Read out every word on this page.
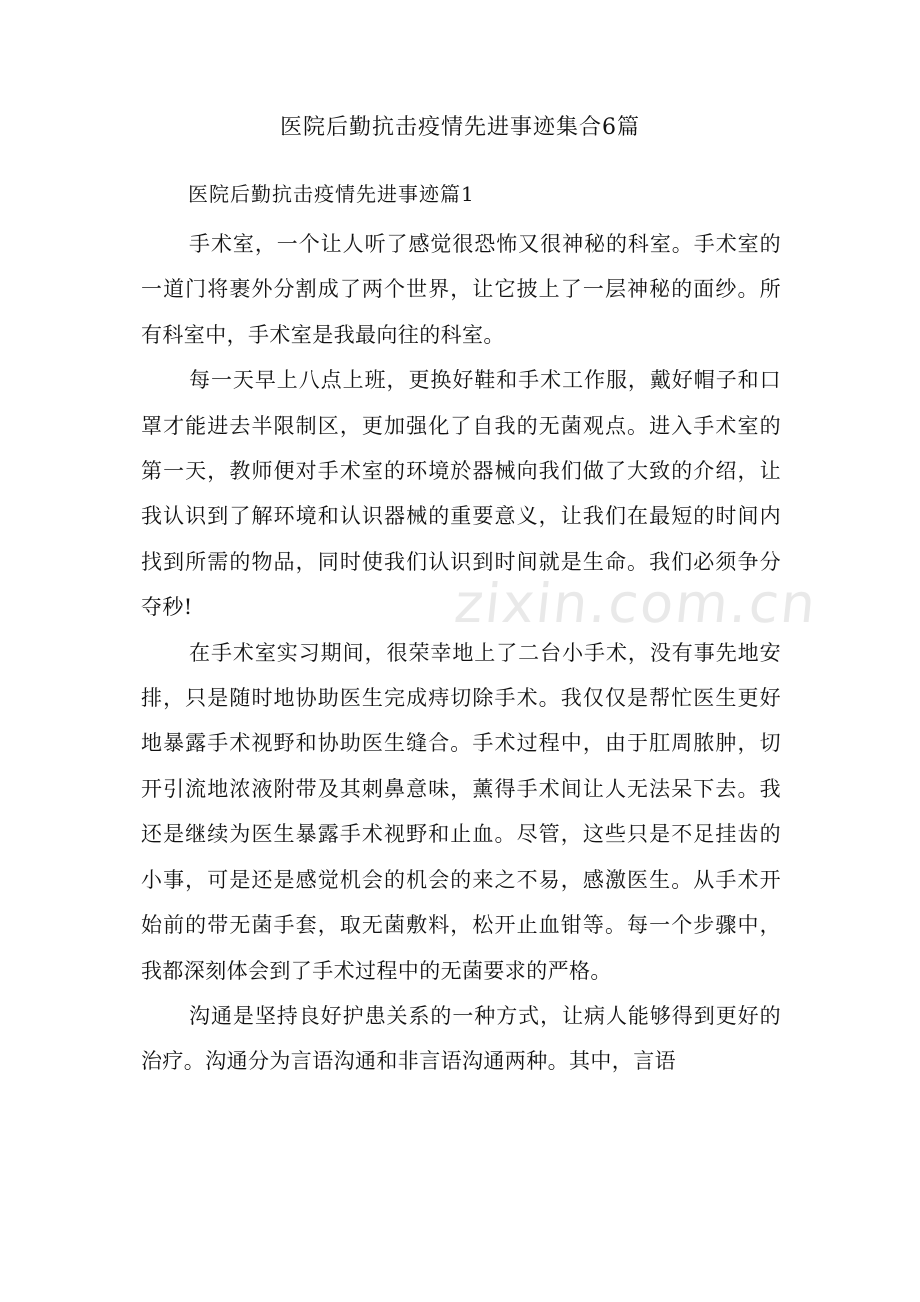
zixin.com.cn
医院后勤抗击疫情先进事迹集合6篇
医院后勤抗击疫情先进事迹篇1

手术室，一个让人听了感觉很恐怖又很神秘的科室。手术室的一道门将裹外分割成了两个世界，让它披上了一层神秘的面纱。所有科室中，手术室是我最向往的科室。

每一天早上八点上班，更换好鞋和手术工作服，戴好帽子和口罩才能进去半限制区，更加强化了自我的无菌观点。进入手术室的第一天，教师便对手术室的环境於器械向我们做了大致的介绍，让我认识到了解环境和认识器械的重要意义，让我们在最短的时间内找到所需的物品，同时使我们认识到时间就是生命。我们必须争分夺秒!

在手术室实习期间，很荣幸地上了二台小手术，没有事先地安排，只是随时地协助医生完成痔切除手术。我仅仅是帮忙医生更好地暴露手术视野和协助医生缝合。手术过程中，由于肛周脓肿，切开引流地浓液附带及其刺鼻意味，薰得手术间让人无法呆下去。我还是继续为医生暴露手术视野和止血。尽管，这些只是不足挂齿的小事，可是还是感觉机会的机会的来之不易，感激医生。从手术开始前的带无菌手套，取无菌敷料，松开止血钳等。每一个步骤中，我都深刻体会到了手术过程中的无菌要求的严格。

沟通是坚持良好护患关系的一种方式，让病人能够得到更好的治疗。沟通分为言语沟通和非言语沟通两种。其中，言语
